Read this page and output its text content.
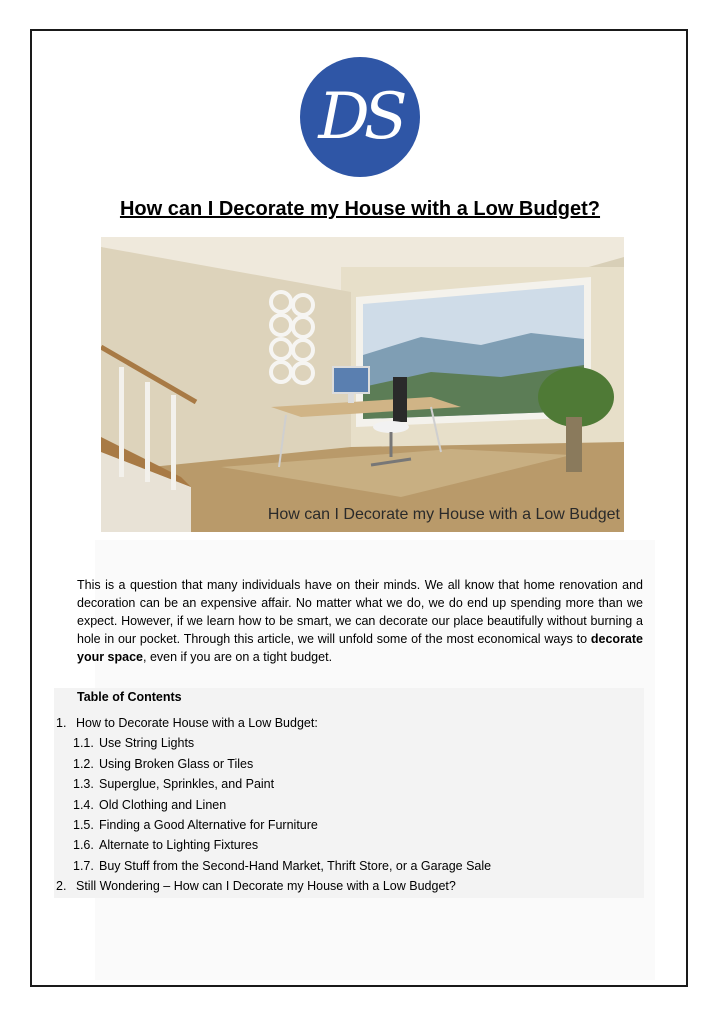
DS
How can I Decorate my House with a Low Budget?
How can I Decorate my House with a Low Budget
This is a question that many individuals have on their minds. We all know that home renovation and decoration can be an expensive affair. No matter what we do, we do end up spending more than we expect. However, if we learn how to be smart, we can decorate our place beautifully without burning a hole in our pocket. Through this article, we will unfold some of the most economical ways to decorate your space, even if you are on a tight budget.
Table of Contents
1. How to Decorate House with a Low Budget:
1.1. Use String Lights
1.2. Using Broken Glass or Tiles
1.3. Superglue, Sprinkles, and Paint
1.4. Old Clothing and Linen
1.5. Finding a Good Alternative for Furniture
1.6. Alternate to Lighting Fixtures
1.7. Buy Stuff from the Second-Hand Market, Thrift Store, or a Garage Sale
2. Still Wondering – How can I Decorate my House with a Low Budget?
